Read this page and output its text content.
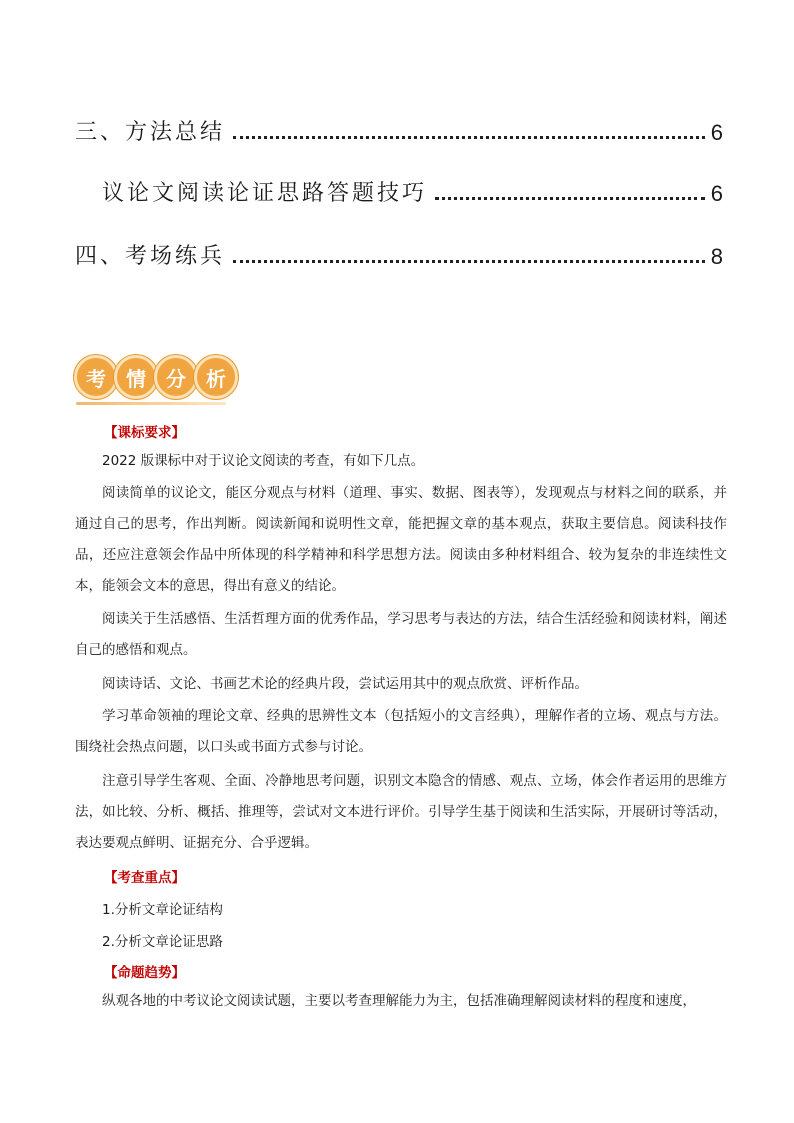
三、方法总结	6
议论文阅读论证思路答题技巧	6
四、考场练兵	8
考	情	分	析
【课标要求】
2022 版课标中对于议论文阅读的考查，有如下几点。
阅读简单的议论文，能区分观点与材料（道理、事实、数据、图表等），发现观点与材料之间的联系，并通过自己的思考，作出判断。阅读新闻和说明性文章，能把握文章的基本观点，获取主要信息。阅读科技作品，还应注意领会作品中所体现的科学精神和科学思想方法。阅读由多种材料组合、较为复杂的非连续性文本，能领会文本的意思，得出有意义的结论。
阅读关于生活感悟、生活哲理方面的优秀作品，学习思考与表达的方法，结合生活经验和阅读材料，阐述自己的感悟和观点。
阅读诗话、文论、书画艺术论的经典片段，尝试运用其中的观点欣赏、评析作品。
学习革命领袖的理论文章、经典的思辨性文本（包括短小的文言经典），理解作者的立场、观点与方法。围绕社会热点问题，以口头或书面方式参与讨论。
注意引导学生客观、全面、冷静地思考问题，识别文本隐含的情感、观点、立场，体会作者运用的思维方法，如比较、分析、概括、推理等，尝试对文本进行评价。引导学生基于阅读和生活实际，开展研讨等活动，表达要观点鲜明、证据充分、合乎逻辑。
【考查重点】
1.分析文章论证结构
2.分析文章论证思路
【命题趋势】
纵观各地的中考议论文阅读试题，主要以考查理解能力为主，包括准确理解阅读材料的程度和速度，
